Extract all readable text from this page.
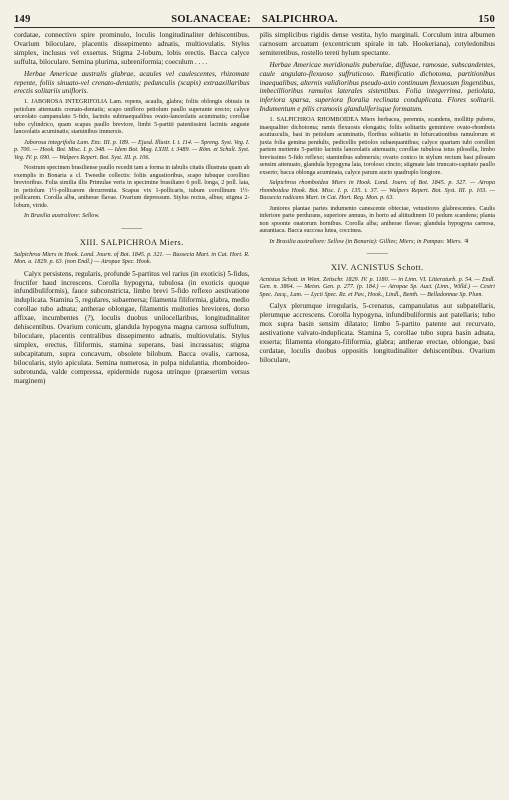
149	SOLANACEAE: SALPICHROA.	150

cordatae, connectivo spire prominulo, loculis longitudinaliter dehiscentibus. Ovarium biloculare, placentis dissepimento adnatis, multiovulatis. Stylus simplex, inclusus vel exsertus. Stigma 2-lobum, lobis erectis. Bacca calyce suffulta, biloculare. Semina plurima, subreniformia; coeculum . . . .

Herbae Americae australis glabrae, acaules vel caulescentes, rhizomate repente, foliis sinuato-vel crenato-dentatis; pedunculis (scapis) extraaxillaribus erectis solitariis unifloris.

1. JABOROSA INTEGRIFOLIA Lam. repens, acaulis, glabra; foliis oblongis obtusis in petiolum attenuatis crenato-dentatis; scapo unifloro petiolum paullo superante erecto; calyce urceolato campanulato 5-fido, laciniis subinaequalibus ovato-lanceolatis acuminatis; corollae tubo cylindrico, quam scapus paullo breviore, limbi 5-partiti patentissimi laciniis anguste lanceolatis acuminatis; staminibus immersis.

Jaborosa integrifolia Lam. Enc. III. p. 189. — Ejusd. Illustr. I. t. 114. — Spreng. Syst. Veg. I. p. 700. — Hook. Bot. Misc. I. p. 348. — Idem Bot. Mag. LXIII. t. 3489. — Röm. et Schult. Syst. Veg. IV. p. 690. — Walpers Repert. Bot. Syst. III. p. 106.

Nostrum specimen brasiliense paullo recedit tam a forma in tabulis citatis illustrata quam ab exemplis in Bonaria a cl. Tweedie collectis: foliis angustioribus, scapo tubuque corollino brevioribus. Folia similia illis Primulae veris in speciminе brasiliano 6 poll. longa, 2 poll. lata, in petiolum 1½-pollicarem decurrentia. Scapus vix 1-pollicaris, tubum corollinum 1½-pollicarem. Corolla alba, antherae flavae. Ovarium depressum. Stylus rectus, albus; stigma 2-lobum, viride.

In Brasilia australiore: Sellow.

———
XIII. SALPICHROA Miers.

Salpichroa Miers in Hook. Lond. Journ. of Bot. 1845. p. 321. — Bussecia Mart. in Cat. Hort. R. Mon. a. 1829. p. 63. (non Endl.) — Atropae Spec. Hook.

Calyx persistens, regularis, profunde 5-partitus vel rarius (in exoticis) 5-fidus, fructifer haud increscens. Corolla hypogyna, tubulosa (in exoticis quoque infundibuliformis), fauce subconstricta, limbo brevi 5-fido reflexo aestivatione induplicata. Stamina 5, regulares, subaemersa; filamenta filiformia, glabra, medio corollae tubo adnata; antherae oblongae, filamentis multoties breviores, dorso affixae, incumbentes (?), loculis duobus unilocellaribus, longitudinaliter dehiscentibus. Ovarium conicum, glandula hypogyna magna carnosa suffultum, biloculare, placentis centralibus dissepimento adnatis, multiovulatis. Stylus simplex, erectus, filiformis, stamina superans, basi incrassatus; stigma subcapitatum, supra concavum, obsolete bilobum. Bacca ovalis, carnosa, bilocularis, stylo apiculata. Semina numerosa, in pulpa nidulantia, rhomboideo-subrotunda, valde compressa, epidermide rugosa utrinque (praesertim versus marginem)

pilis simplicibus rigidis dense vestita, hylo marginali. Corculum intra albumen carnosum arcuatum (excentricum spirale in tab. Hookeriana), cotyledonibus semiteretibus, rostello tereti hylum spectante.

Herbae Americae meridionalis puberulae, diffusae, ramosae, subscandentes, caule angulato-flexuoso suffruticoso. Ramificatio dichotoma, partitionibus inaequalibus, alternis validioribus pseudo-axin continuum flexuosum fingentibus, imbecillioribus ramulos laterales sistentibus. Folia integerrima, petiolata, inferiora sparsa, superiora floralia reclinata conduplicata. Flores solitarii. Indumentum e pilis cramosis glanduliferisque formatum.

1. SALPICHROA RHOMBOIDEA Miers herbacea, perennis, scandens, mollitiр pubens, inaequaliter dichotoma; ramis flexuosis elongatis; foliis solitariis geminisve ovato-rhombeis acutiusculis, basi in petiolum acuminatis, floribus solitariis in bifurcationibus ramulorum et juxta folia gemina pendulis, pedicellis petiolos subaequantibus; calyce quartam tubi corollini partem metiente 5-partito laciniis lanceolatis attenuatis; corollae tubulosa istus pilosella, limbo brevissimo 5-fido reflexo; staminibus submersis; ovario conico in stylum rectum basi pilosum sensim attenuato, glandula hypogyna lata, toroloso cincto; stigmate late truncato-capitato paullo exserto; bacca oblonga acuminata, calyce parum aucto quadruplo longiore.

Salpichroa rhomboidea Miers in Hook. Lond. Journ. of Bot. 1845. p. 327. — Atropa rhomboidea Hook. Bot. Misc. I. p. 135. t. 37. — Walpers Repert. Bot. Syst. III. p. 103. — Bussecia radicans Mart. in Cat. Hort. Reg. Mon. p. 63.

Juniores plantae partes indumento canescente obtectae, vetustiores glabrescentes. Caulis inferiore parte perdurans, superiore annuus, in horto ad altitudinem 10 pedum scandens; planta non spoonte onatorum hornibus. Corolla alba; antherae flavae; glandula hypogyna carnosa, aurantiaca. Bacca succosa lutea, coccinea.

In Brasilia australiore: Sellow (in Bonaria): Gillies; Miers; in Pampas: Miers. ♃

———
XIV. ACNISTUS Schott.

Acnistus Schott. in Wien. Zeitschr. 1829. IV. p. 1180. — in Linn. VI. Litteraturb. p. 54. — Endl. Gen. n. 3864. — Meisn. Gen. p. 277. (p. 184.) — Atropae Sp. Auct. (Linn., Willd.) — Cestri Spec. Jacq., Lam. — Lycii Spec. Rz. et Pav., Hook., Lindl., Benth. — Belladonnae Sp. Plum.

Calyx plerumque irregularis, 5-crenatus, campanulatus aut subpatellaris, plerumque accrescens. Corolla hypogyna, infundibuliformis aut patellaris; tubo mox supra basin sensim dilatato; limbo 5-partito patente aut recurvato, aestivatione valvato-induplicata. Stamina 5, corollae tubo supra basin adnata, exserta; filamenta elongato-filiformia, glabra; antherae erectae, oblongae, basi cordatae, loculis duobus oppositis longitudinaliter dehiscentibus. Ovarium biloculare,
